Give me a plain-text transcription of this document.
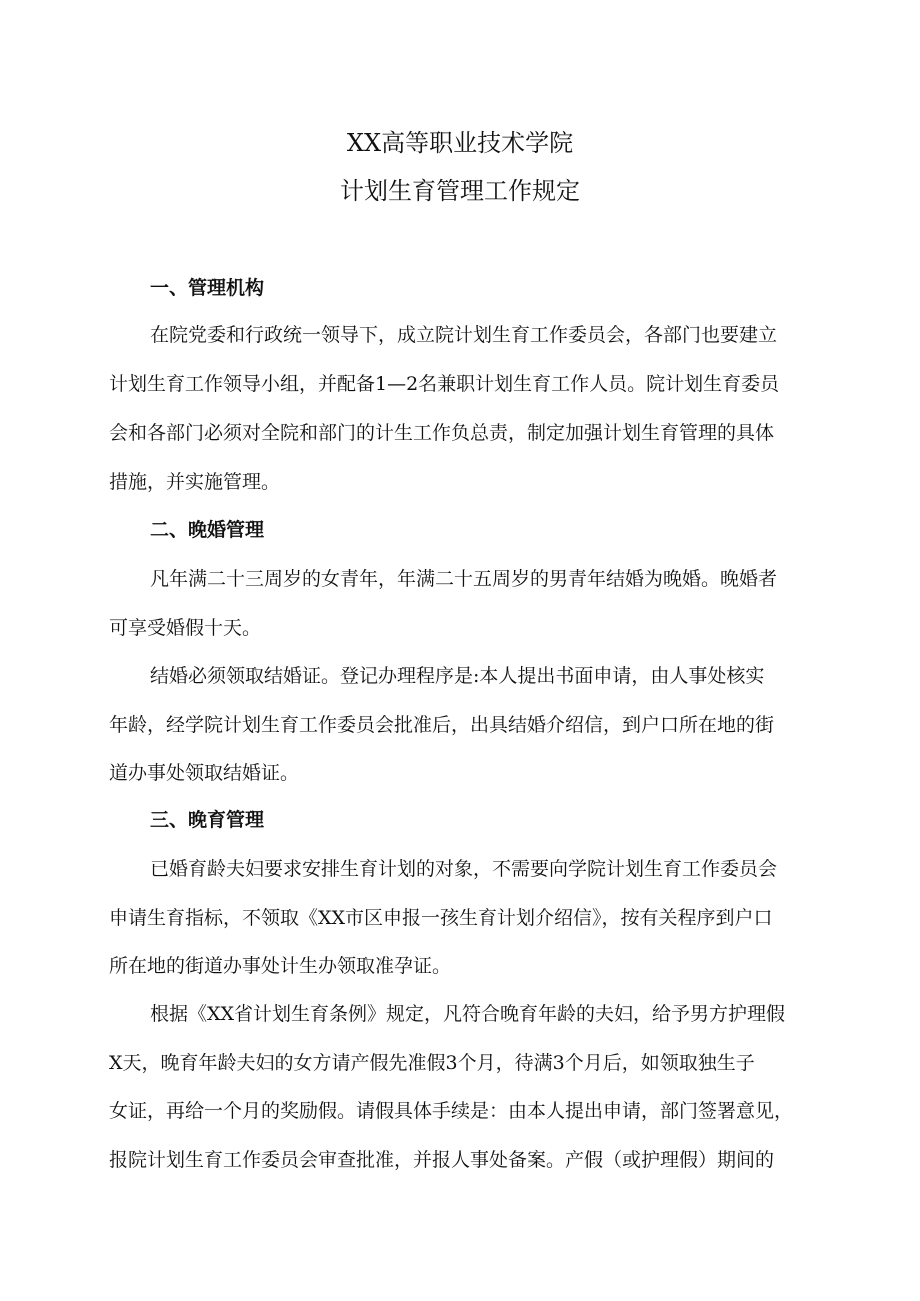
XX高等职业技术学院
计划生育管理工作规定
一、管理机构
在院党委和行政统一领导下，成立院计划生育工作委员会，各部门也要建立
计划生育工作领导小组，并配备1—2名兼职计划生育工作人员。院计划生育委员
会和各部门必须对全院和部门的计生工作负总责，制定加强计划生育管理的具体
措施，并实施管理。
二、晚婚管理
凡年满二十三周岁的女青年，年满二十五周岁的男青年结婚为晚婚。晚婚者
可享受婚假十天。
结婚必须领取结婚证。登记办理程序是:本人提出书面申请，由人事处核实
年龄，经学院计划生育工作委员会批准后，出具结婚介绍信，到户口所在地的街
道办事处领取结婚证。
三、晚育管理
已婚育龄夫妇要求安排生育计划的对象，不需要向学院计划生育工作委员会
申请生育指标，不领取《XX市区申报一孩生育计划介绍信》，按有关程序到户口
所在地的街道办事处计生办领取准孕证。
根据《XX省计划生育条例》规定，凡符合晚育年龄的夫妇，给予男方护理假
X天，晚育年龄夫妇的女方请产假先准假3个月，待满3个月后，如领取独生子
女证，再给一个月的奖励假。请假具体手续是：由本人提出申请，部门签署意见，
报院计划生育工作委员会审查批准，并报人事处备案。产假（或护理假）期间的
